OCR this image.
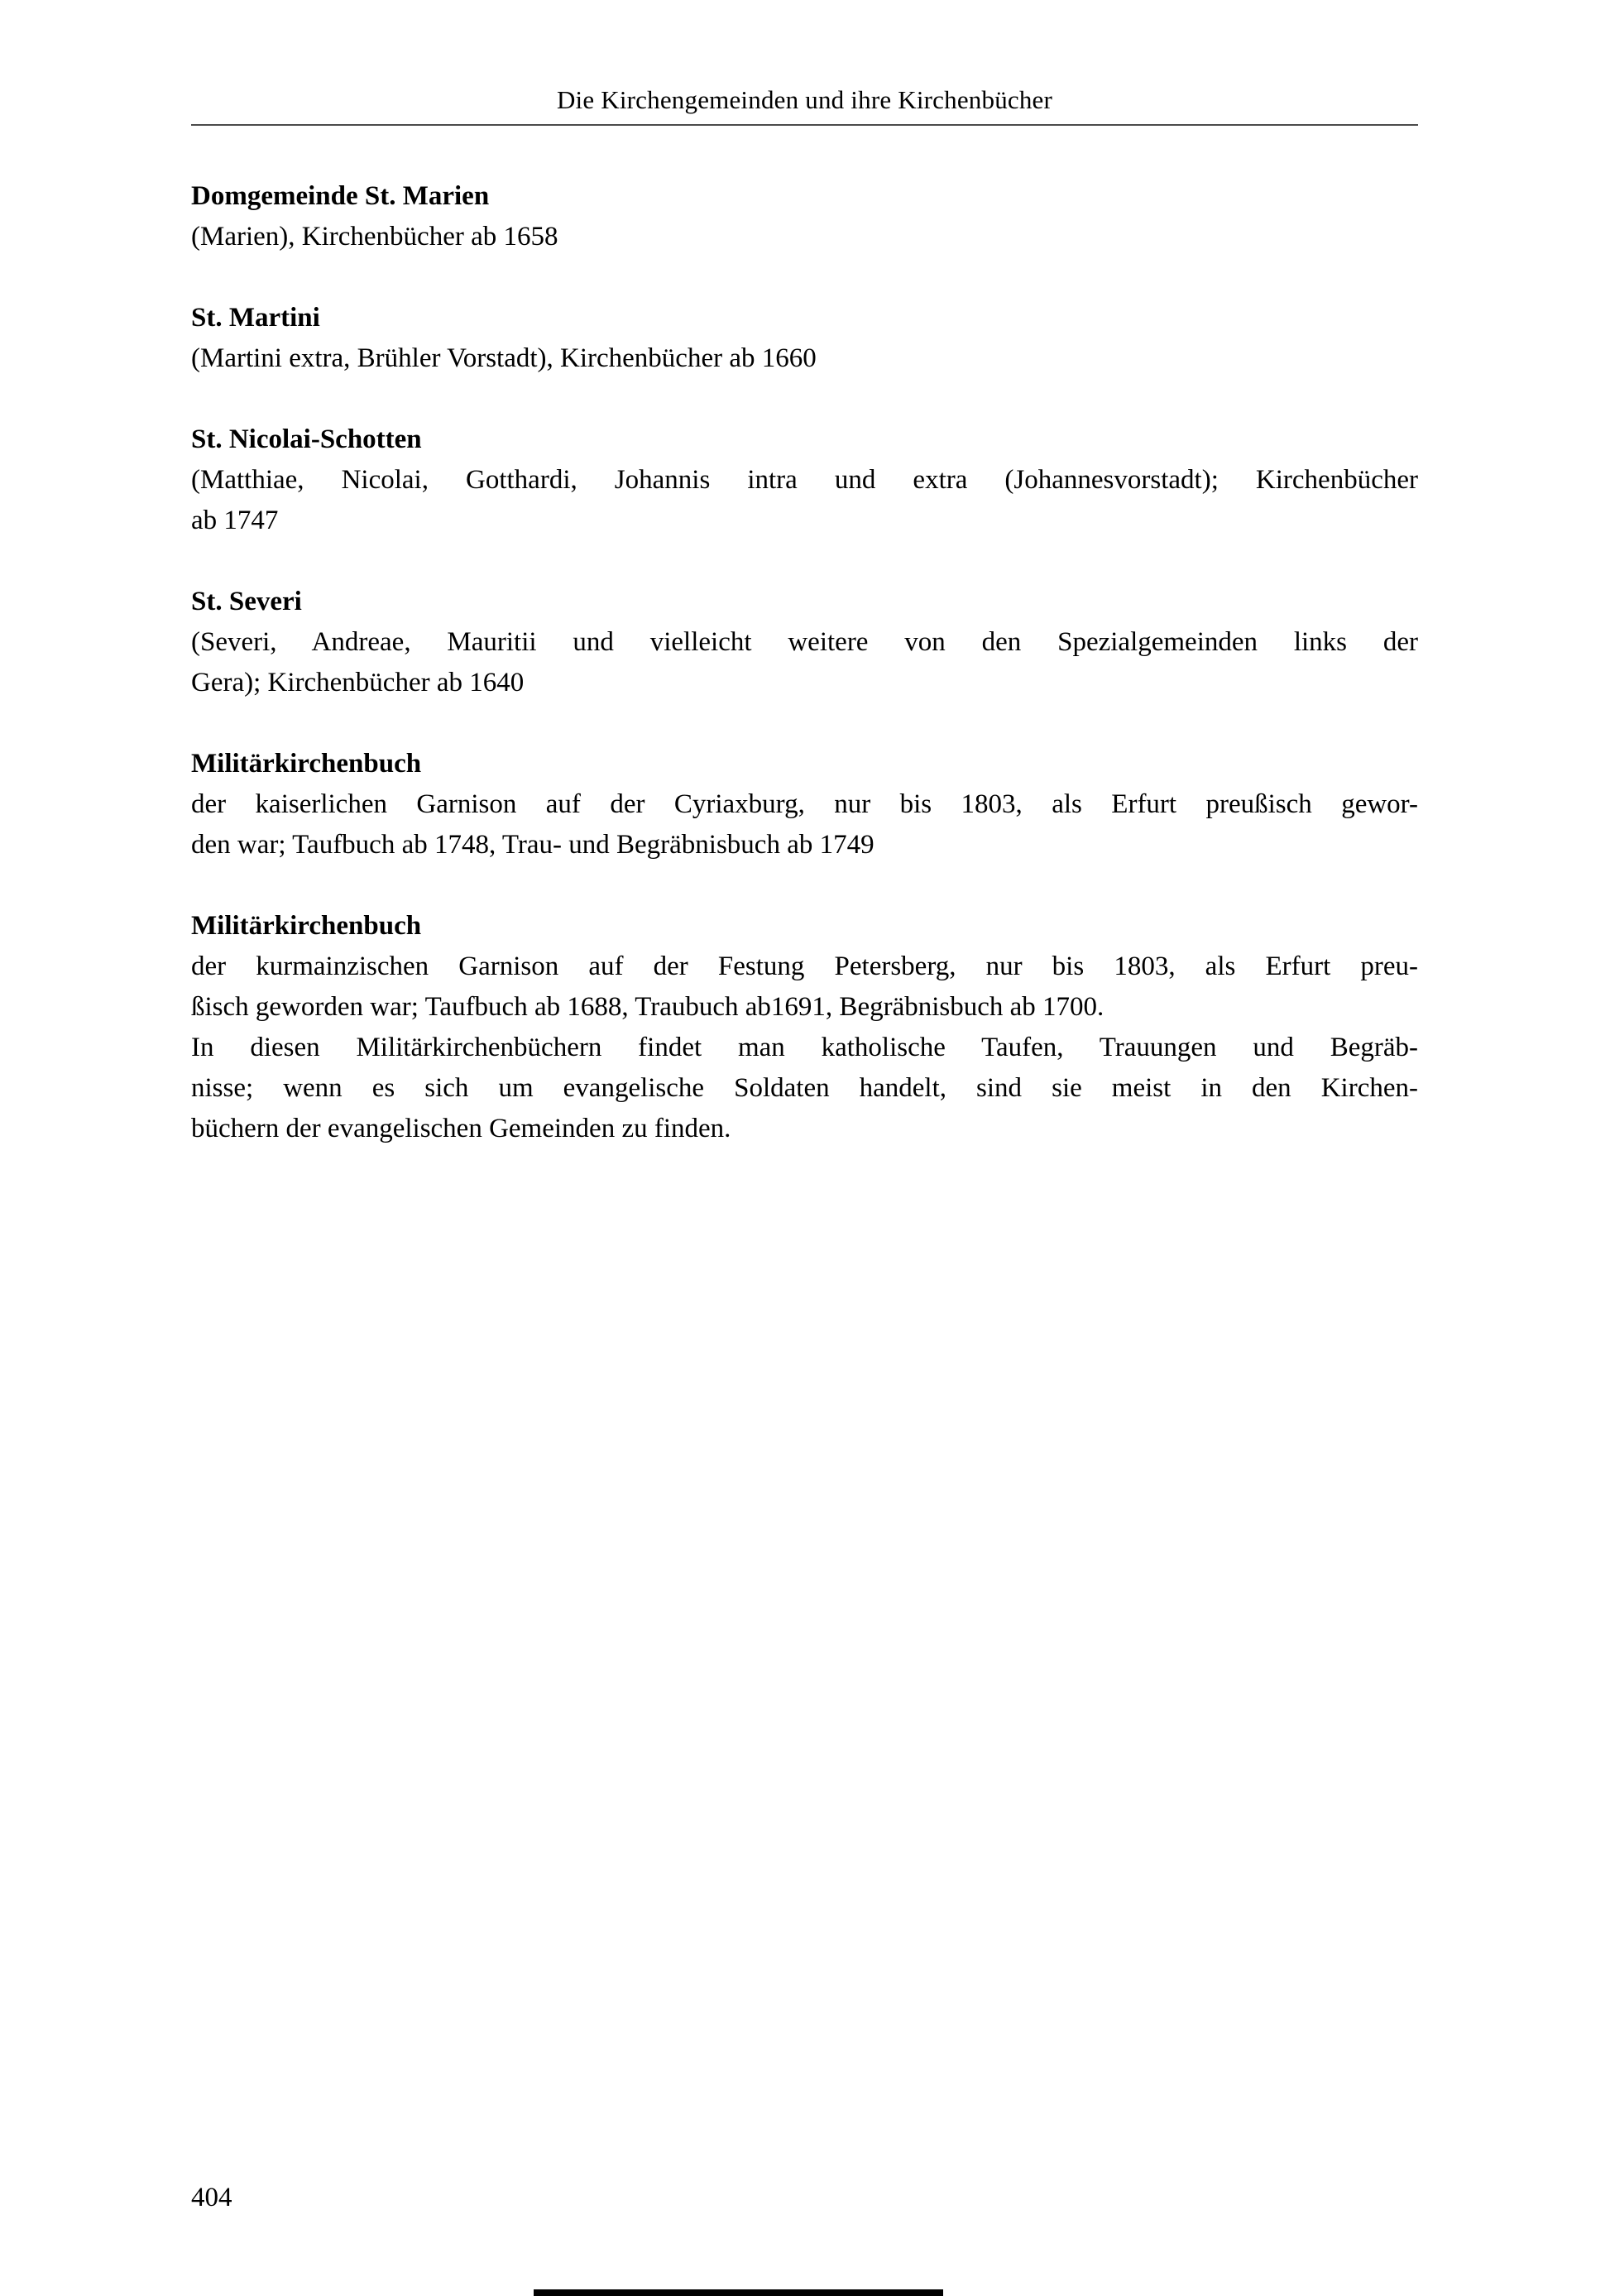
Die Kirchengemeinden und ihre Kirchenbücher
Domgemeinde St. Marien
(Marien), Kirchenbücher ab 1658
St. Martini
(Martini extra, Brühler Vorstadt), Kirchenbücher ab 1660
St. Nicolai-Schotten
(Matthiae, Nicolai, Gotthardi, Johannis intra und extra (Johannesvorstadt); Kirchenbücher
ab 1747
St. Severi
(Severi, Andreae, Mauritii und vielleicht weitere von den Spezialgemeinden links der
Gera); Kirchenbücher ab 1640
Militärkirchenbuch
der kaiserlichen Garnison auf der Cyriaxburg, nur bis 1803, als Erfurt preußisch gewor-
den war; Taufbuch ab 1748, Trau- und Begräbnisbuch ab 1749
Militärkirchenbuch
der kurmainzischen Garnison auf der Festung Petersberg, nur bis 1803, als Erfurt preu-
ßisch geworden war; Taufbuch ab 1688, Traubuch ab1691, Begräbnisbuch ab 1700.
In diesen Militärkirchenbüchern findet man katholische Taufen, Trauungen und Begräb-
nisse; wenn es sich um evangelische Soldaten handelt, sind sie meist in den Kirchen-
büchern der evangelischen Gemeinden zu finden.
404
